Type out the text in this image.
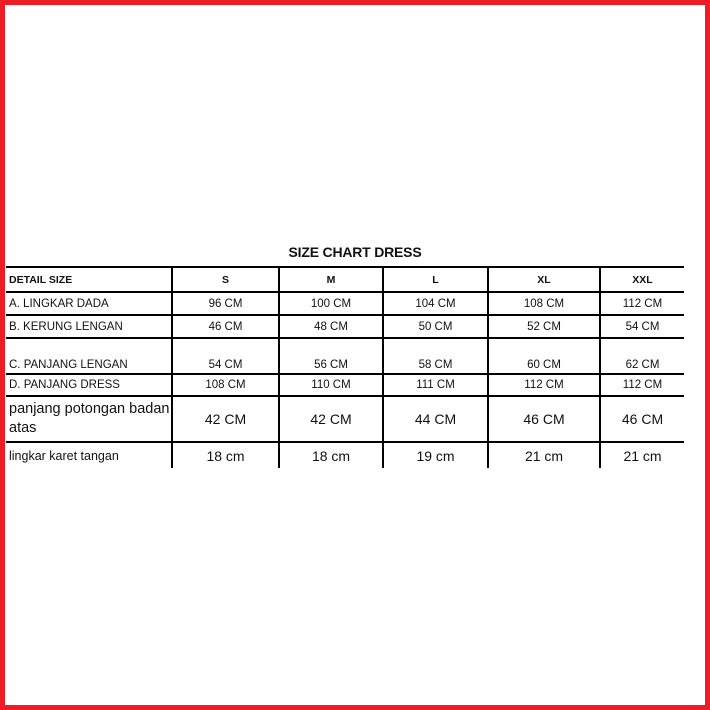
SIZE CHART DRESS
DETAIL SIZE	S	M	L	XL	XXL
A. LINGKAR DADA	96 CM	100 CM	104 CM	108 CM	112 CM
B. KERUNG LENGAN	46 CM	48 CM	50 CM	52 CM	54 CM
C. PANJANG LENGAN	54 CM	56 CM	58 CM	60 CM	62 CM
D. PANJANG DRESS	108 CM	110 CM	111 CM	112 CM	112 CM
panjang potongan badan atas	42 CM	42 CM	44 CM	46 CM	46 CM
lingkar karet tangan	18 cm	18 cm	19 cm	21 cm	21 cm
